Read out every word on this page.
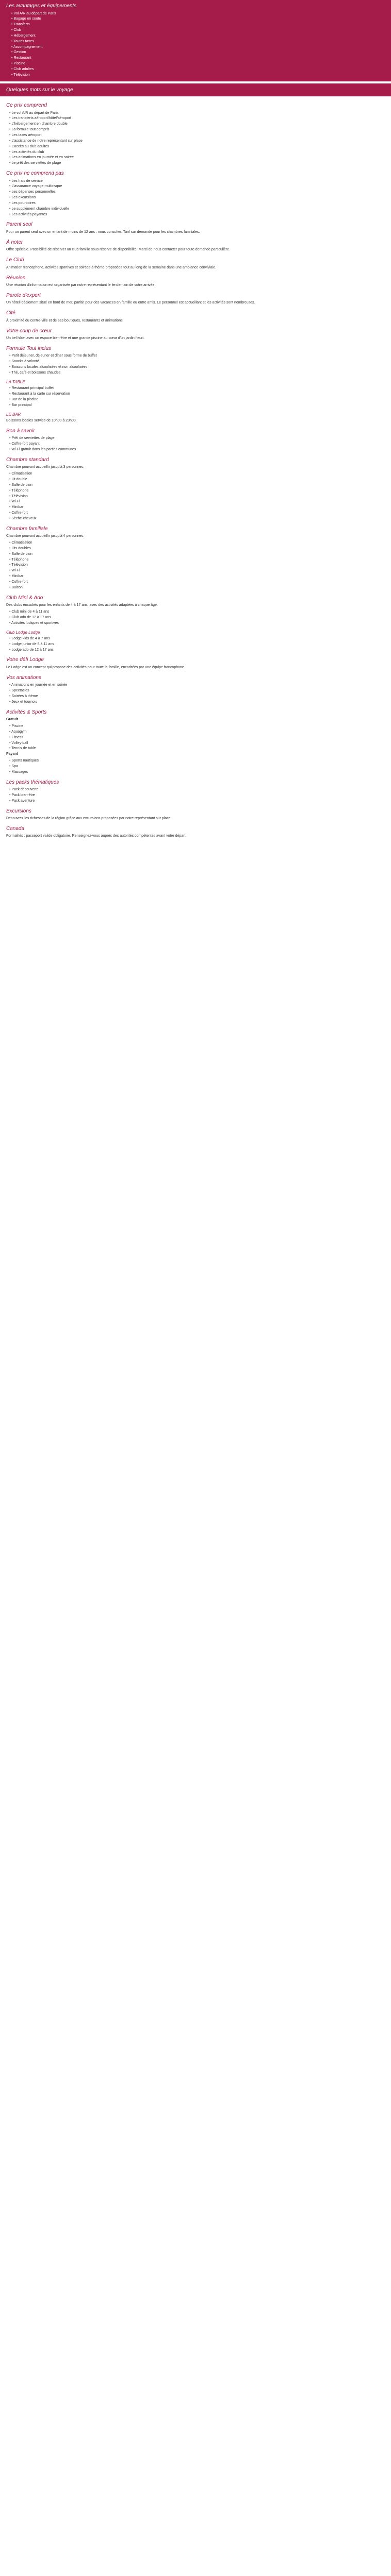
Les avantages et équipements
• Vol A/R au départ de Paris
• Bagage en soute
• Transferts
• Club
• Hébergement
• Toutes taxes
• Accompagnement
• Gestion
• Restaurant
• Piscine
• Club adultes
• Télévision
Quelques mots sur le voyage
Ce prix comprend
• Le vol A/R au départ de Paris
• Les transferts aéroport/hôtel/aéroport
• L'hébergement en chambre double
• La formule tout compris
• Les taxes aéroport
• L'assistance de notre représentant sur place
• L'accès au club adultes
• Les activités du club
• Les animations en journée et en soirée
• Le prêt des serviettes de plage
Ce prix ne comprend pas
• Les frais de service
• L'assurance voyage multirisque
• Les dépenses personnelles
• Les excursions
• Les pourboires
• Le supplément chambre individuelle
• Les activités payantes
Parent seul

Pour un parent seul avec un enfant de moins de 12 ans : nous consulter. Tarif sur demande pour les chambres familiales.

À noter

Offre spéciale. Possibilité de réserver un club famille sous réserve de disponibilité. Merci de nous contacter pour toute demande particulière.

Le Club

Animation francophone, activités sportives et soirées à thème proposées tout au long de la semaine dans une ambiance conviviale.

Réunion

Une réunion d'information est organisée par notre représentant le lendemain de votre arrivée.

Parole d'expert

Un hôtel idéalement situé en bord de mer, parfait pour des vacances en famille ou entre amis. Le personnel est accueillant et les activités sont nombreuses.

Cité

À proximité du centre-ville et de ses boutiques, restaurants et animations.

Votre coup de cœur

Un bel hôtel avec un espace bien-être et une grande piscine au cœur d'un jardin fleuri.

Formule Tout inclus
• Petit déjeuner, déjeuner et dîner sous forme de buffet
• Snacks à volonté
• Boissons locales alcoolisées et non alcoolisées
• Thé, café et boissons chaudes
LA TABLE
• Restaurant principal buffet
• Restaurant à la carte sur réservation
• Bar de la piscine
• Bar principal
LE BAR

Boissons locales servies de 10h00 à 23h00.

Bon à savoir
• Prêt de serviettes de plage
• Coffre-fort payant
• Wi-Fi gratuit dans les parties communes
Chambre standard

Chambre pouvant accueillir jusqu'à 3 personnes.

• Climatisation
• Lit double
• Salle de bain
• Téléphone
• Télévision
• Wi-Fi
• Minibar
• Coffre-fort
• Sèche-cheveux
Chambre familiale

Chambre pouvant accueillir jusqu'à 4 personnes.

• Climatisation
• Lits doubles
• Salle de bain
• Téléphone
• Télévision
• Wi-Fi
• Minibar
• Coffre-fort
• Balcon
Club Mini & Ado

Des clubs encadrés pour les enfants de 4 à 17 ans, avec des activités adaptées à chaque âge.

• Club mini de 4 à 11 ans
• Club ado de 12 à 17 ans
• Activités ludiques et sportives
Club Lodge Lodge
• Lodge kids de 4 à 7 ans
• Lodge junior de 8 à 11 ans
• Lodge ado de 12 à 17 ans
Votre défi Lodge

Le Lodge est un concept qui propose des activités pour toute la famille, encadrées par une équipe francophone.

Vos animations
• Animations en journée et en soirée
• Spectacles
• Soirées à thème
• Jeux et tournois
Activités & Sports

Gratuit

• Piscine
• Aquagym
• Fitness
• Volley-ball
• Tennis de table

Payant

• Sports nautiques
• Spa
• Massages
Les packs thématiques
• Pack découverte
• Pack bien-être
• Pack aventure
Excursions

Découvrez les richesses de la région grâce aux excursions proposées par notre représentant sur place.

Canada

Formalités : passeport valide obligatoire. Renseignez-vous auprès des autorités compétentes avant votre départ.
